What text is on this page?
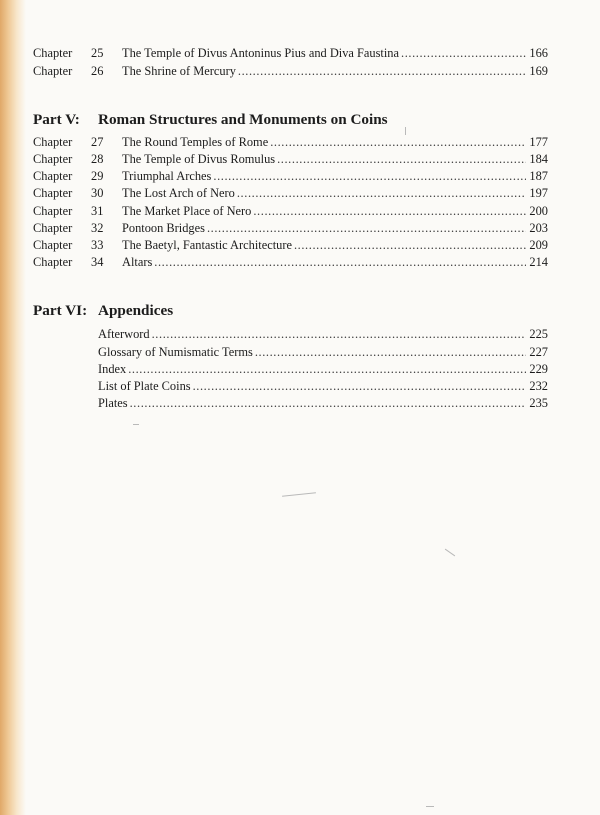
Chapter	25	The Temple of Divus Antoninus Pius and Diva Faustina .....	166
Chapter	26	The Shrine of Mercury .....	169
Part V:	Roman Structures and Monuments on Coins
Chapter	27	The Round Temples of Rome .....	177
Chapter	28	The Temple of Divus Romulus .....	184
Chapter	29	Triumphal Arches .....	187
Chapter	30	The Lost Arch of Nero .....	197
Chapter	31	The Market Place of Nero .....	200
Chapter	32	Pontoon Bridges .....	203
Chapter	33	The Baetyl, Fantastic Architecture .....	209
Chapter	34	Altars .....	214
Part VI: Appendices
Afterword .....	225
Glossary of Numismatic Terms .....	227
Index .....	229
List of Plate Coins .....	232
Plates .....	235
